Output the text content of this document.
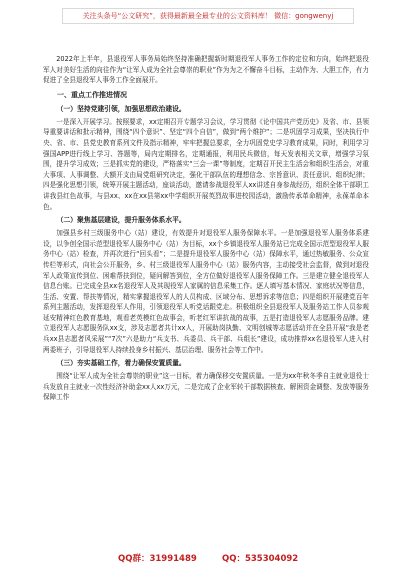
关注头条号“公文研究”，获得最新最全最专业的公文资料库！ 微信：gongwenyj

2022年上半年，县退役军人事务局始终坚持准确把握新时期退役军人事务工作的定位和方向，始终把退役军人对美好生活的向往作为“让军人成为全社会尊崇的职业”作为为之不懈奋斗目标，主动作为、大胆工作，有力促进了全县退役军人事务工作全面展开。

一、重点工作推进情况
（一）坚持党建引领，加强思想政治建设。

一是深入开展学习。按照要求，xx定期召开专题学习会议，学习贯彻《论中国共产党历史》及省、市、县领导重要讲话和批示精神，围绕“四个意识”、坚定“四个自信”，做到“两个维护”；二是巩固学习成果，坚决执行中央、省、市、县党史教育系列文件及指示精神，牢牢把握总要求，全力巩固党史学习教育成果，同时，利用学习强国APP进行线上学习、答题等，局内定期排名，定期通报，利用民兵微信，每天发表相关文章，增强学习氛围，提升学习成效；三是抓实党的建设，严格落实“三会一课”等制度，定期召开民主生活会和组织生活会，对重大事项、人事调整、大额开支由局党组研究决定，强化干部队伍的理想信念、宗旨意识、责任意识、组织纪律；四是强化思想引领，统筹开展主题活动，座谈活动，邀请参战退役军人xx讲述自身参战经历，组织全体干部职工讲我县红色故事，与县xx、xx在xx县第xx中学组织开展英烈故事进校园活动，激励传承革命精神，永葆革命本色。

（二）聚焦基层建设，提升服务体系水平。

加强县乡村三级服务中心（站）建设，有效提升对退役军人服务保障水平。一是加强退役军人服务体系建设，以争创全国示范型退役军人服务中心（站）为目标，xx个乡镇退役军人服务站已完成全国示范型退役军人服务中心（站）检查，并再次进行“回头看”；二是提升退役军人服务中心（站）保障水平，通过热敏服务、公众宣传栏等形式，向社会公开服务，乡、村三级退役军人服务中心（站）服务内容，主动接受社会监督，做到对退役军人政策宣传到位、困难帮扶到位，疑问解答到位，全方位做好退役军人服务保障工作。三是建立健全退役军人信息台账。已完成全县xx名退役军人及其现役军人家属的信息采集工作。逐人填写基本情况、家庭状况等信息，生活、安置、帮扶等情况，精实掌握退役军人的人员构成、区域分布、思想诉求等信息；四是组织开展建党百年系列主题活动，发挥退役军人作用，引领退役军人听党话跟党走。积极组织全县退役军人及服务站工作人员参观延安精神红色教育基地，观看老英模红色故事会，听老红军讲抗战的故事，五是打造退役军人志愿服务品牌。建立退役军人志愿服务队xx支，涉及志愿者共计xx人，开展助岗执勤、文明创城等志愿活动并在全县开展“我是老兵xx县志愿者风采展”“7次”六是助力“兵支书、兵委员、兵干部、兵组长”建设，成功推荐xx名退役军人进入村两委班子，引导退役军人持续投身乡村振兴、基层治理、服务社会等工作中。

（三）夯实基础工作，着力确保安置质量。

围绕“让军人成为全社会尊崇的职业”这一目标，着力确保移交安置质量。一是为xx年秋冬季自主就业退役士兵发放自主就业一次性经济补助金xx人xx万元，二是完成了企业军转干部数据核查、解困资金调整、发放等服务保障工作

QQ群：31991489	QQ：535304092
